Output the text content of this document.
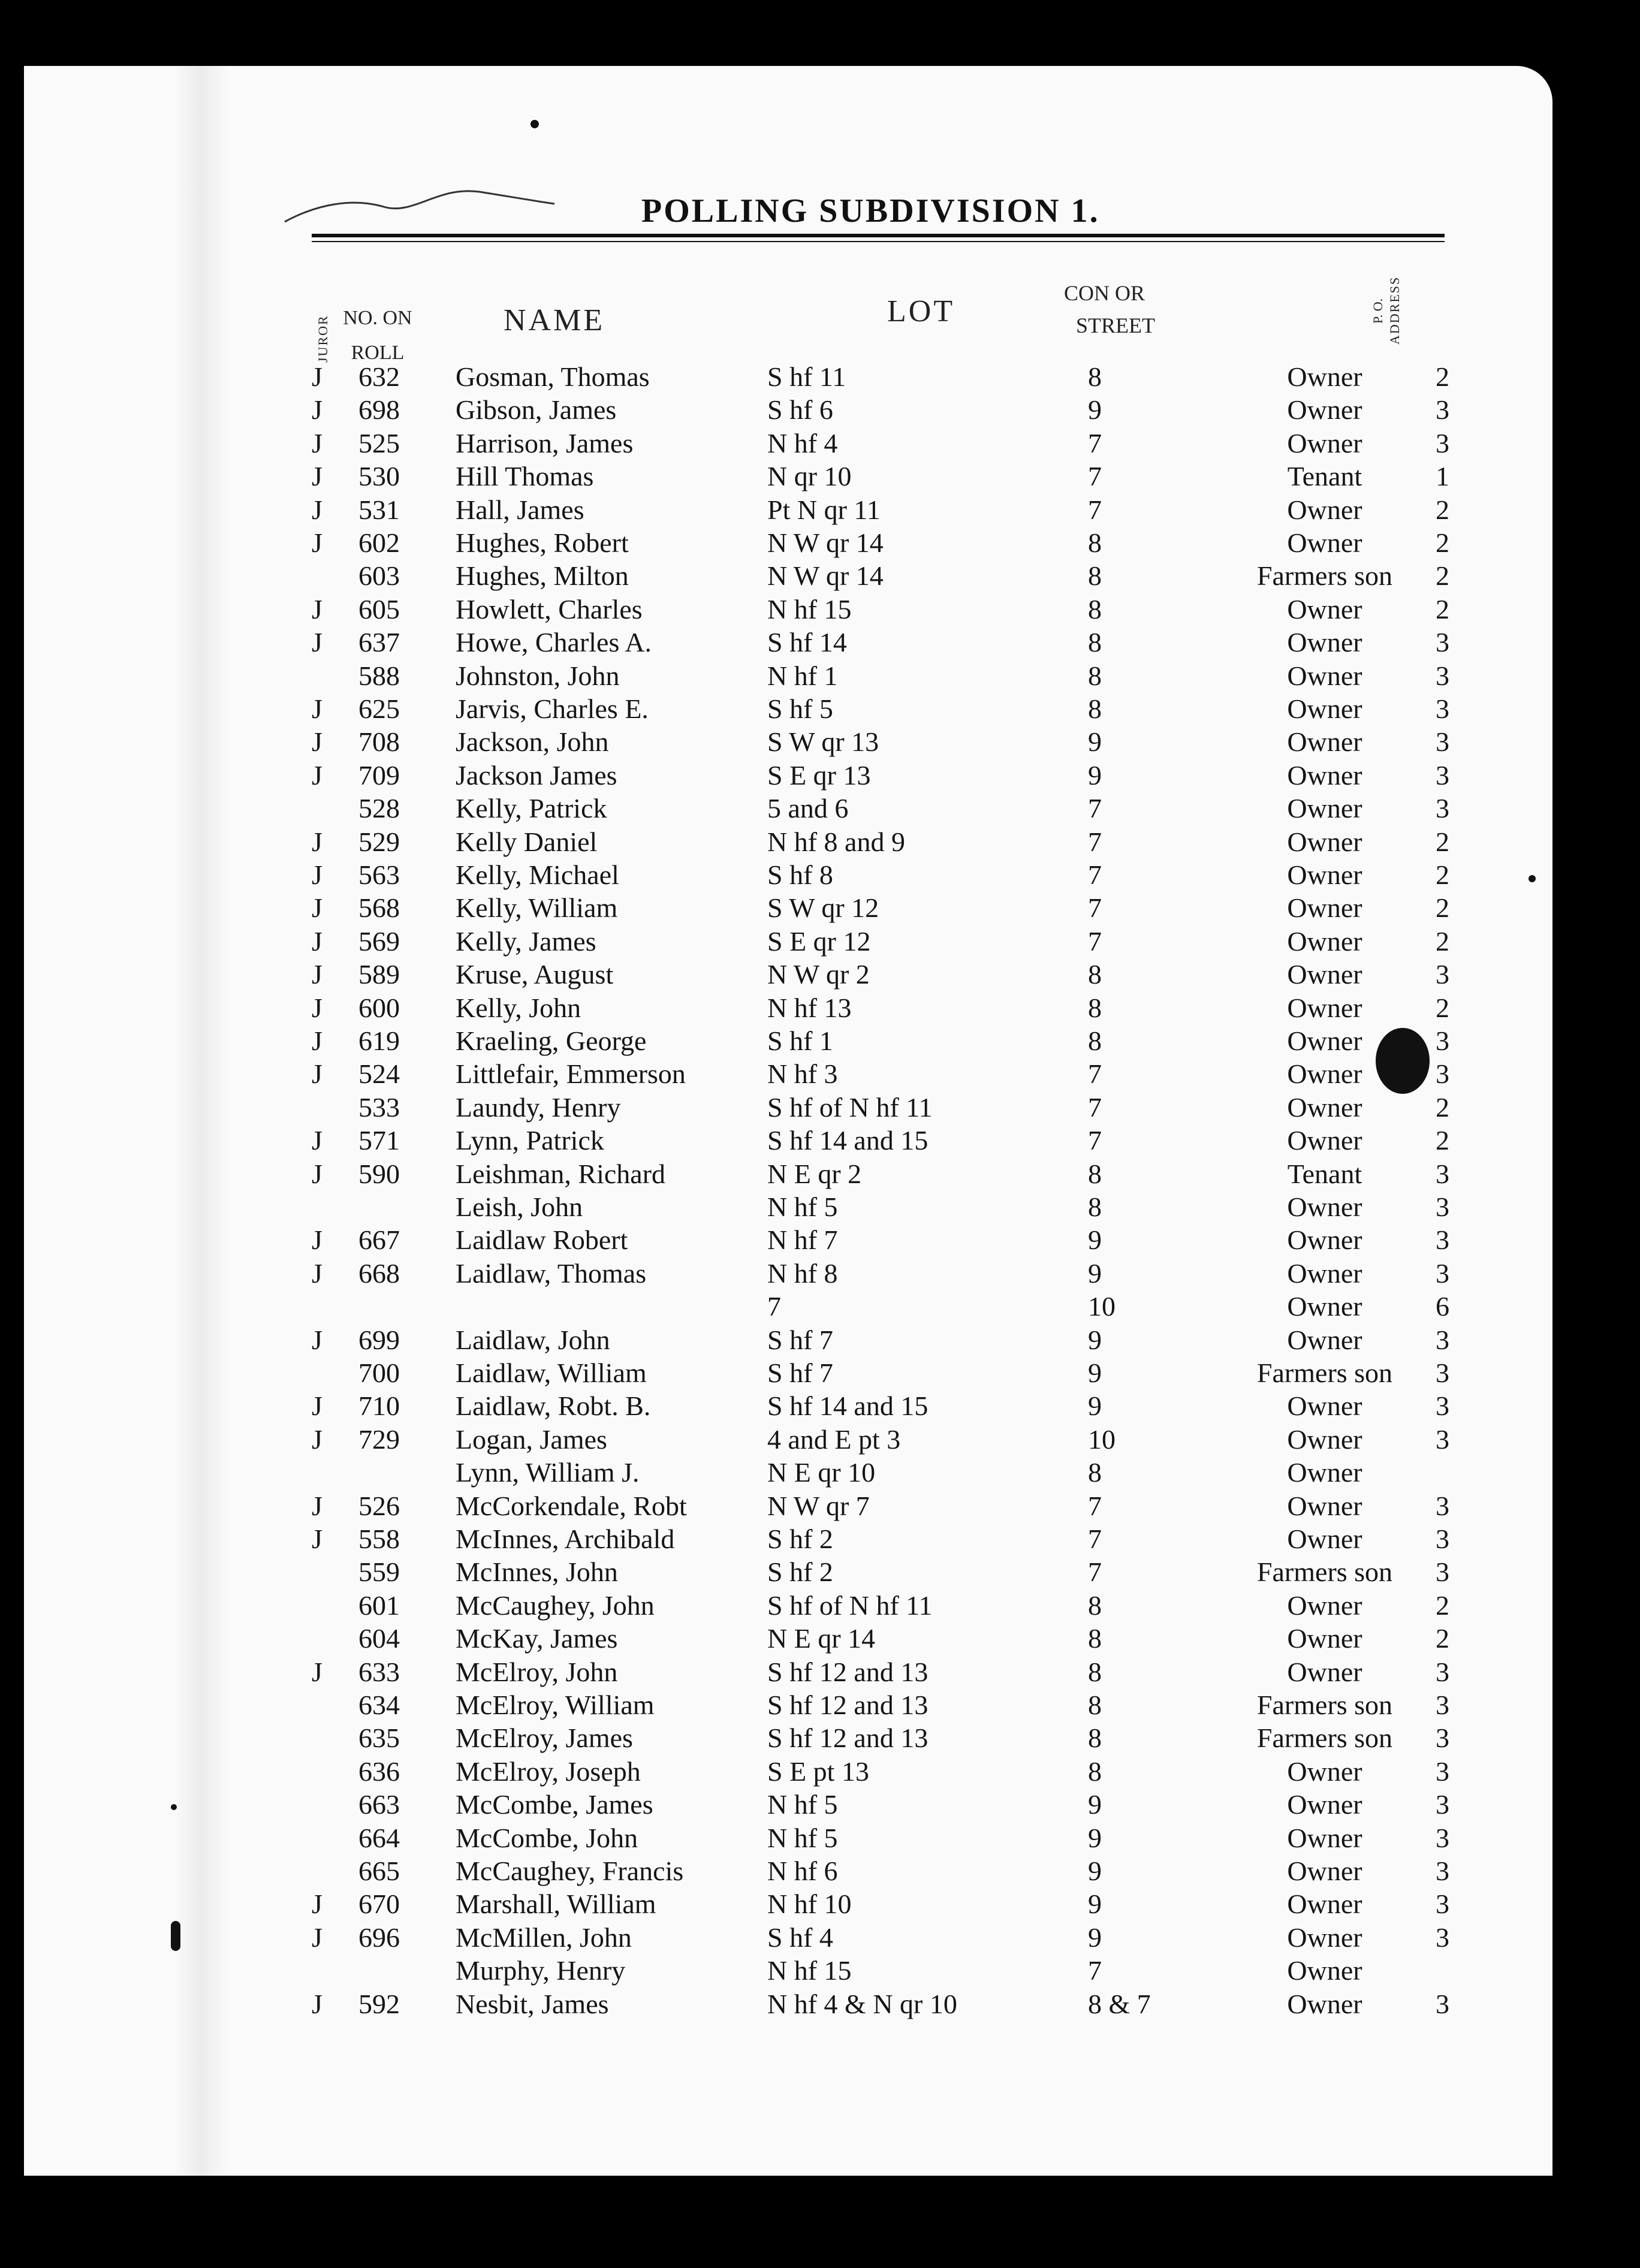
POLLING SUBDIVISION 1.
JUROR NO. ON
ROLL
NAME	LOT
CON OR
STREET
P. O. ADDRESS
J 632 Gosman, Thomas	S hf 11	8	Owner	2
J 698 Gibson, James	S hf 6	9	Owner	3
J 525 Harrison, James	N hf 4	7	Owner	3
J 530 Hill Thomas	N qr 10	7	Tenant	1
J 531 Hall, James	Pt N qr 11	7	Owner	2
J 602 Hughes, Robert	N W qr 14	8	Owner	2
603 Hughes, Milton	N W qr 14	8	Farmers son	2
J 605 Howlett, Charles	N hf 15	8	Owner	2
J 637 Howe, Charles A.	S hf 14	8	Owner	3
588 Johnston, John	N hf 1	8	Owner	3
J 625 Jarvis, Charles E.	S hf 5	8	Owner	3
J 708 Jackson, John	S W qr 13	9	Owner	3
J 709 Jackson James	S E qr 13	9	Owner	3
528 Kelly, Patrick	5 and 6	7	Owner	3
J 529 Kelly Daniel	N hf 8 and 9	7	Owner	2
J 563 Kelly, Michael	S hf 8	7	Owner	2
J 568 Kelly, William	S W qr 12	7	Owner	2
J 569 Kelly, James	S E qr 12	7	Owner	2
J 589 Kruse, August	N W qr 2	8	Owner	3
J 600 Kelly, John	N hf 13	8	Owner	2
J 619 Kraeling, George	S hf 1	8	Owner	3
J 524 Littlefair, Emmerson	N hf 3	7	Owner	3
533 Laundy, Henry	S hf of N hf 11	7	Owner	2
J 571 Lynn, Patrick	S hf 14 and 15	7	Owner	2
J 590 Leishman, Richard	N E qr 2	8	Tenant	3
Leish, John	N hf 5	8	Owner	3
J 667 Laidlaw Robert	N hf 7	9	Owner	3
J 668 Laidlaw, Thomas	N hf 8	9	Owner	3
7	10	Owner	6
J 699 Laidlaw, John	S hf 7	9	Owner	3
700 Laidlaw, William	S hf 7	9	Farmers son	3
J 710 Laidlaw, Robt. B.	S hf 14 and 15	9	Owner	3
J 729 Logan, James	4 and E pt 3	10	Owner	3
Lynn, William J.	N E qr 10	8	Owner
J 526 McCorkendale, Robt	N W qr 7	7	Owner	3
J 558 McInnes, Archibald	S hf 2	7	Owner	3
559 McInnes, John	S hf 2	7	Farmers son	3
601 McCaughey, John	S hf of N hf 11	8	Owner	2
604 McKay, James	N E qr 14	8	Owner	2
J 633 McElroy, John	S hf 12 and 13	8	Owner	3
634 McElroy, William	S hf 12 and 13	8	Farmers son	3
635 McElroy, James	S hf 12 and 13	8	Farmers son	3
636 McElroy, Joseph	S E pt 13	8	Owner	3
663 McCombe, James	N hf 5	9	Owner	3
664 McCombe, John	N hf 5	9	Owner	3
665 McCaughey, Francis	N hf 6	9	Owner	3
J 670 Marshall, William	N hf 10	9	Owner	3
J 696 McMillen, John	S hf 4	9	Owner	3
Murphy, Henry	N hf 15	7	Owner
J 592 Nesbit, James	N hf 4 & N qr 10	8 & 7	Owner	3
